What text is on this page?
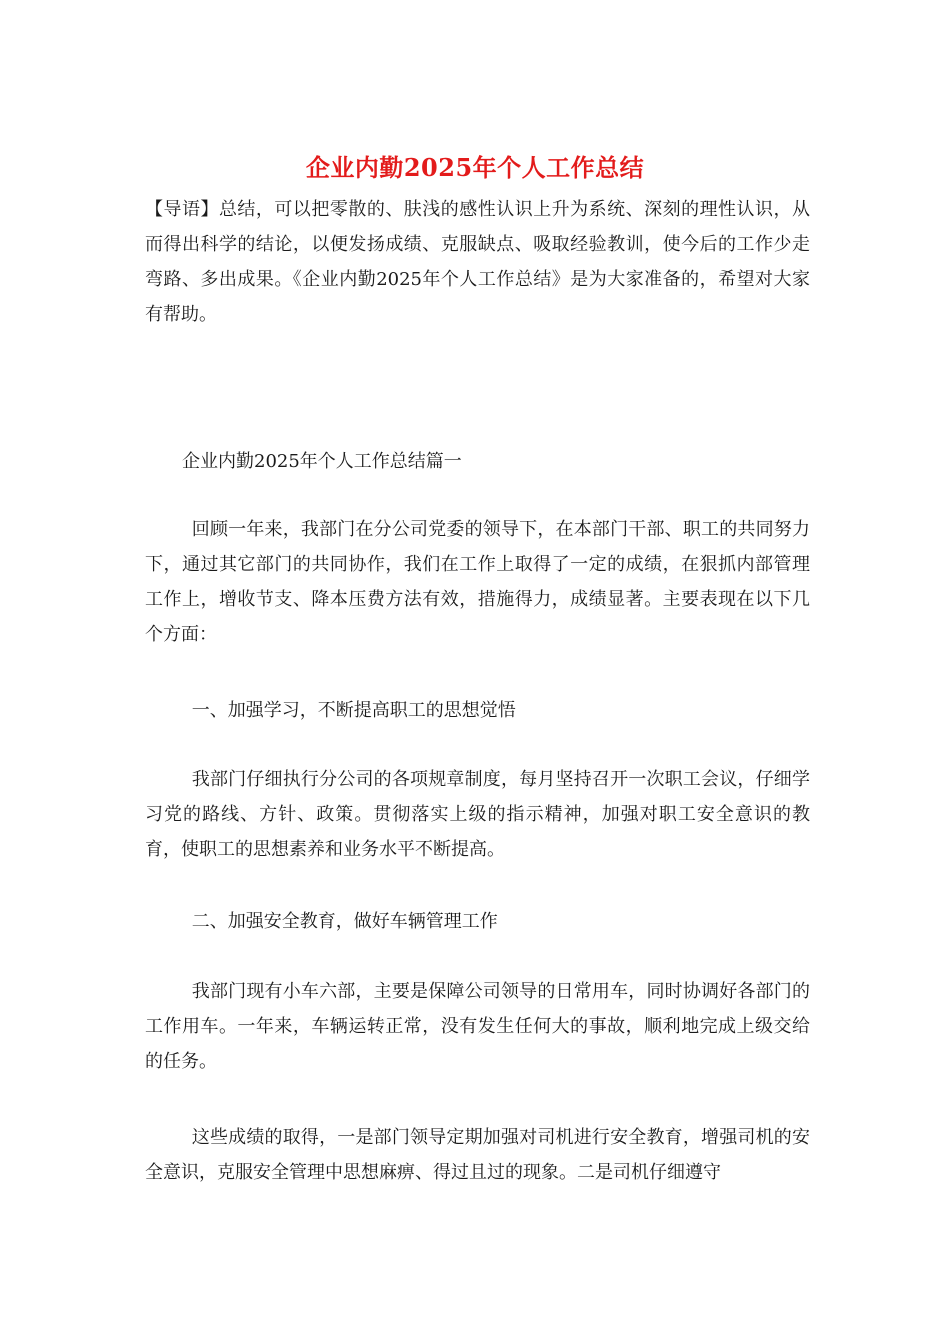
企业内勤2025年个人工作总结

【导语】总结，可以把零散的、肤浅的感性认识上升为系统、深刻的理性认识，从而得出科学的结论，以便发扬成绩、克服缺点、吸取经验教训，使今后的工作少走弯路、多出成果。《企业内勤2025年个人工作总结》是为大家准备的，希望对大家有帮助。

企业内勤2025年个人工作总结篇一

回顾一年来，我部门在分公司党委的领导下，在本部门干部、职工的共同努力下，通过其它部门的共同协作，我们在工作上取得了一定的成绩，在狠抓内部管理工作上，增收节支、降本压费方法有效，措施得力，成绩显著。主要表现在以下几个方面：

一、加强学习，不断提高职工的思想觉悟

我部门仔细执行分公司的各项规章制度，每月坚持召开一次职工会议，仔细学习党的路线、方针、政策。贯彻落实上级的指示精神，加强对职工安全意识的教育，使职工的思想素养和业务水平不断提高。

二、加强安全教育，做好车辆管理工作

我部门现有小车六部，主要是保障公司领导的日常用车，同时协调好各部门的工作用车。一年来，车辆运转正常，没有发生任何大的事故，顺利地完成上级交给的任务。

这些成绩的取得，一是部门领导定期加强对司机进行安全教育，增强司机的安全意识，克服安全管理中思想麻痹、得过且过的现象。二是司机仔细遵守
